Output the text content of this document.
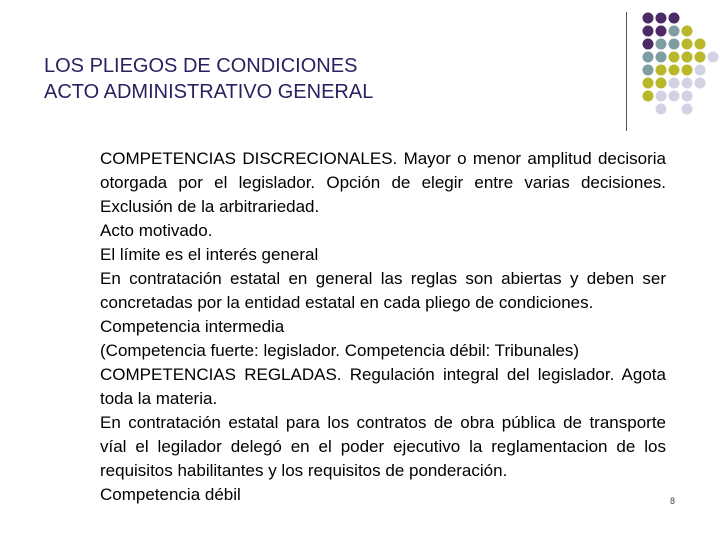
LOS PLIEGOS DE CONDICIONES
ACTO ADMINISTRATIVO GENERAL
COMPETENCIAS DISCRECIONALES. Mayor o menor amplitud decisoria otorgada por el legislador. Opción de elegir entre varias decisiones. Exclusión de la arbitrariedad.
Acto motivado.
El límite es el interés general
En contratación estatal en general las reglas son abiertas y deben ser concretadas por la entidad estatal en cada pliego de condiciones.
Competencia intermedia
(Competencia fuerte: legislador. Competencia débil: Tribunales)
COMPETENCIAS REGLADAS. Regulación integral del legislador. Agota toda la materia.
En contratación estatal para los contratos de obra pública de transporte víal el legilador delegó en el poder ejecutivo la reglamentacion de los requisitos habilitantes y los requisitos de ponderación.
Competencia débil	8
